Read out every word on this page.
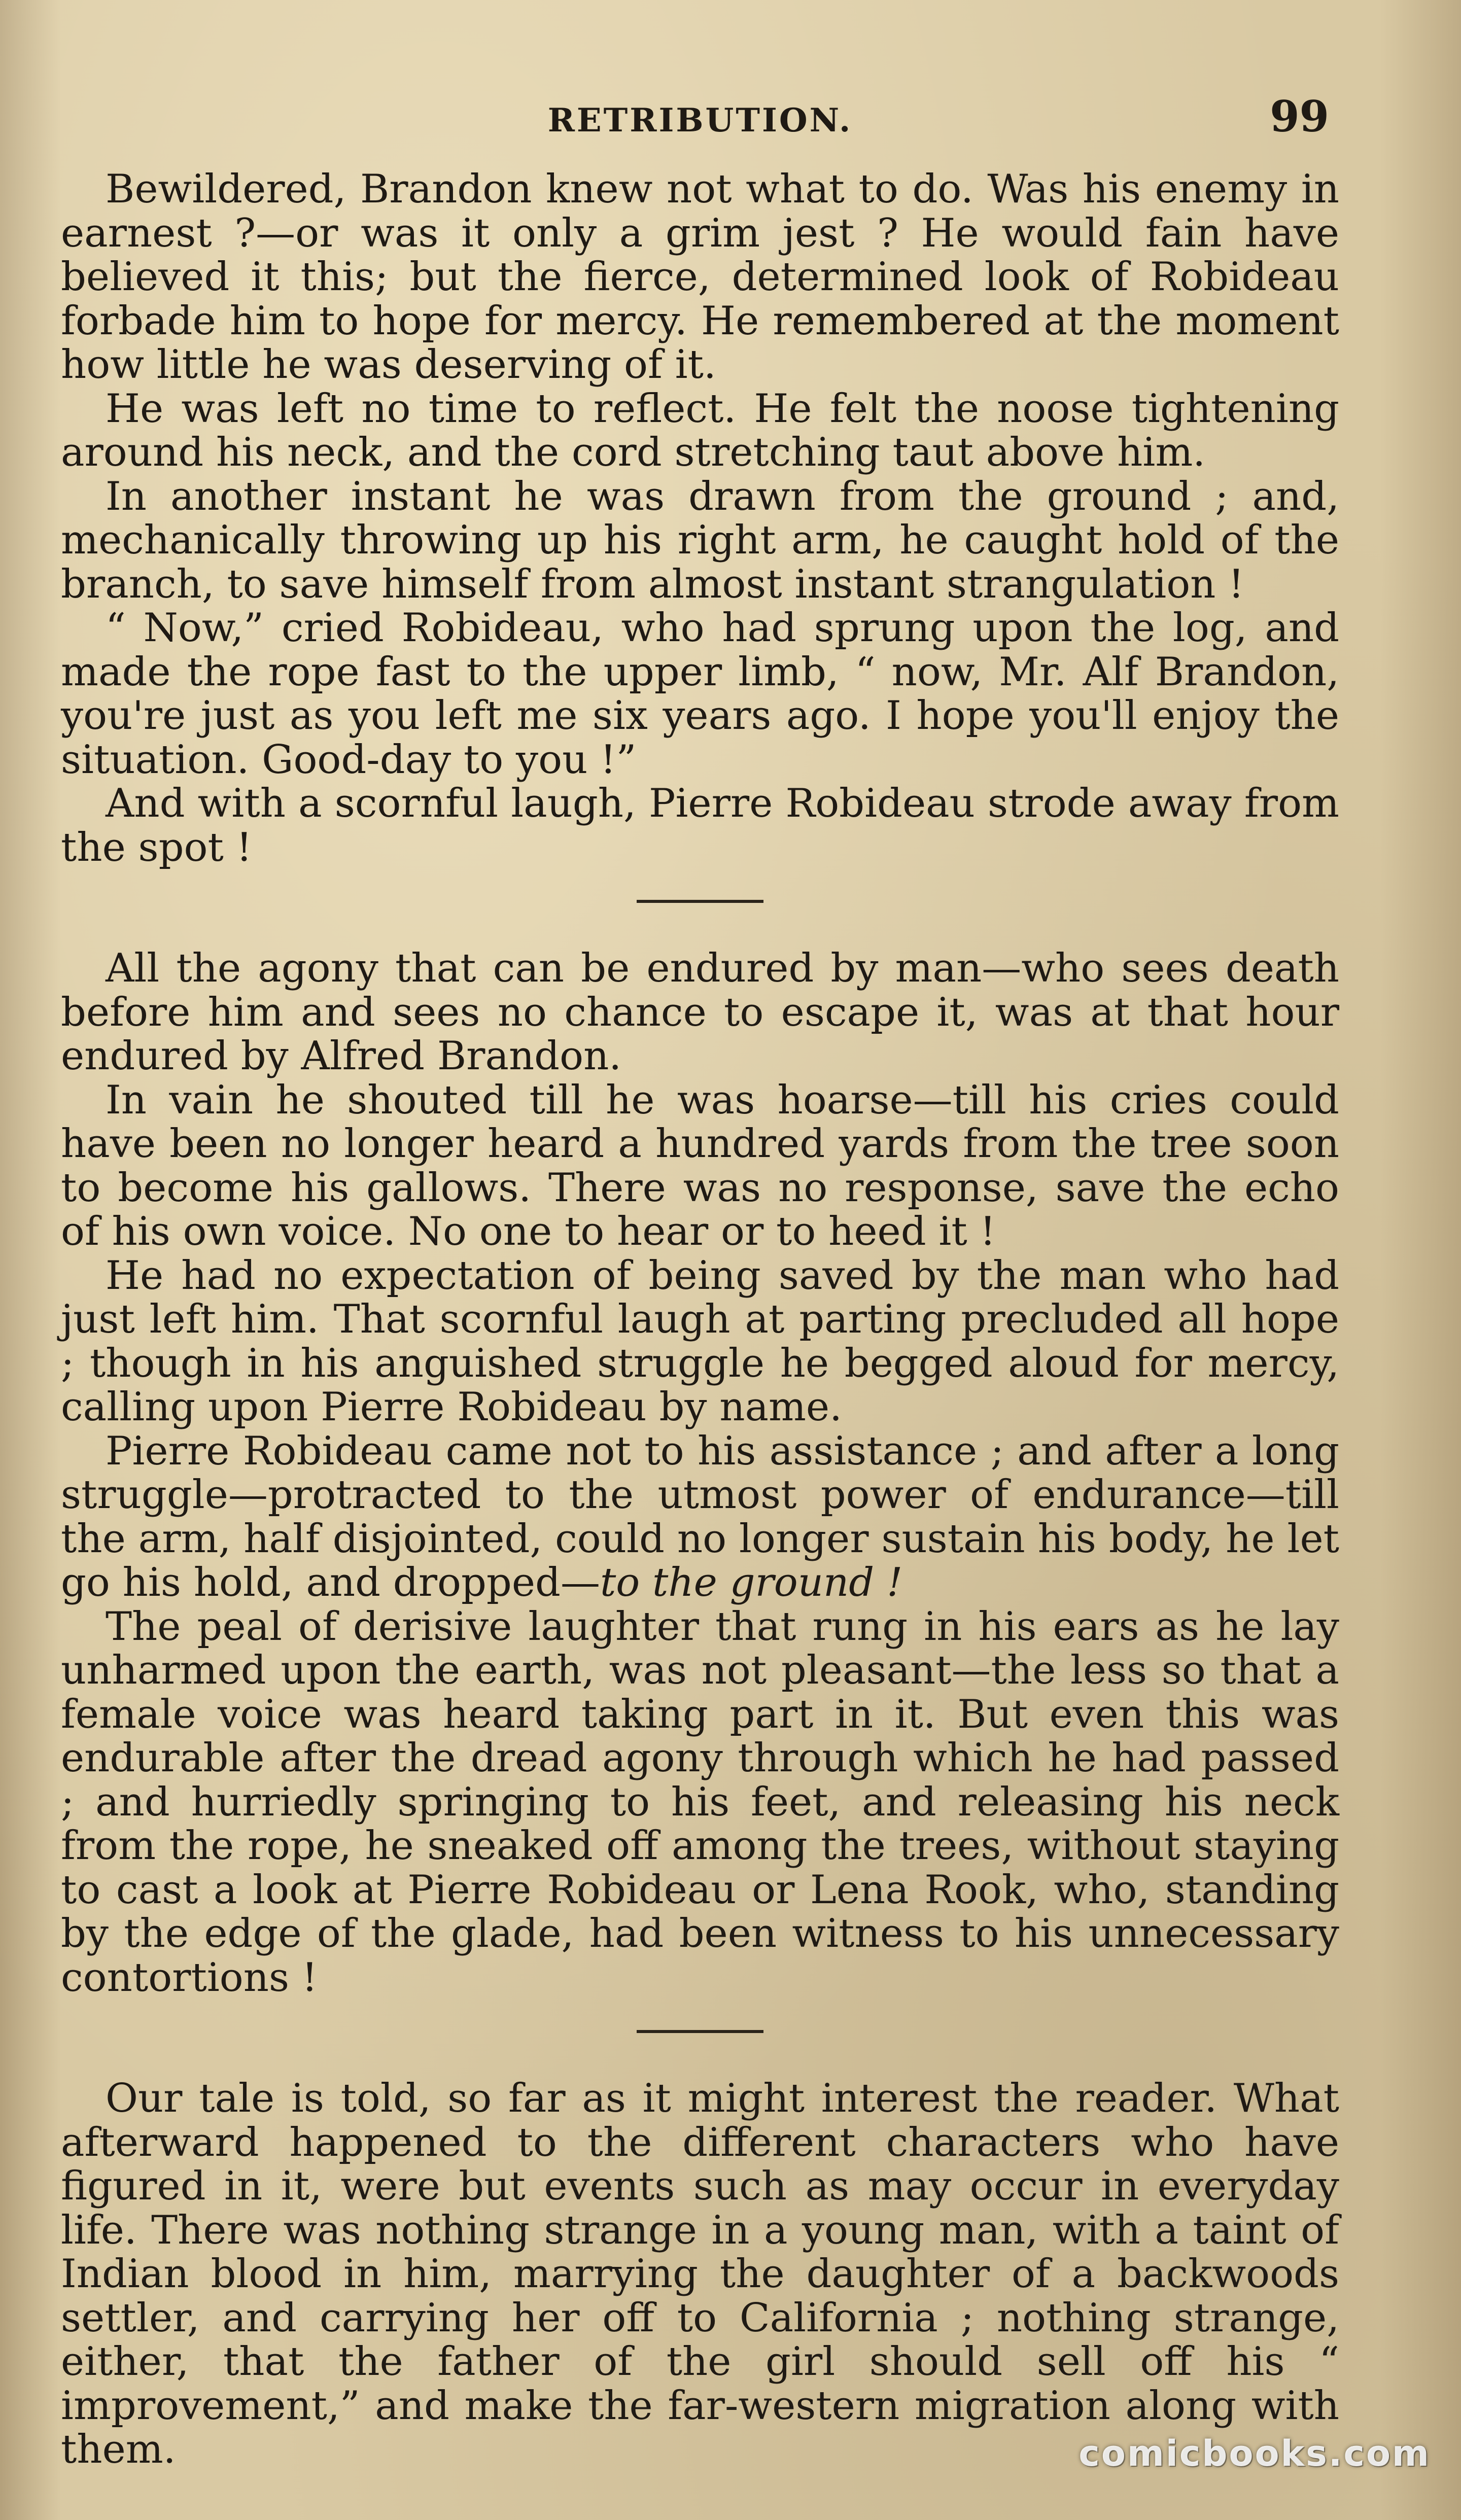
RETRIBUTION.	99

Bewildered, Brandon knew not what to do. Was his enemy in earnest ?—or was it only a grim jest ? He would fain have believed it this; but the fierce, determined look of Robideau forbade him to hope for mercy. He remembered at the moment how little he was deserving of it.

He was left no time to reflect. He felt the noose tightening around his neck, and the cord stretching taut above him.

In another instant he was drawn from the ground ; and, mechanically throwing up his right arm, he caught hold of the branch, to save himself from almost instant strangulation !

“ Now,” cried Robideau, who had sprung upon the log, and made the rope fast to the upper limb, “ now, Mr. Alf Brandon, you're just as you left me six years ago. I hope you'll enjoy the situation. Good-day to you !”

And with a scornful laugh, Pierre Robideau strode away from the spot !

All the agony that can be endured by man—who sees death before him and sees no chance to escape it, was at that hour endured by Alfred Brandon.

In vain he shouted till he was hoarse—till his cries could have been no longer heard a hundred yards from the tree soon to become his gallows. There was no response, save the echo of his own voice. No one to hear or to heed it !

He had no expectation of being saved by the man who had just left him. That scornful laugh at parting precluded all hope ; though in his anguished struggle he begged aloud for mercy, calling upon Pierre Robideau by name.

Pierre Robideau came not to his assistance ; and after a long struggle—protracted to the utmost power of endurance—till the arm, half disjointed, could no longer sustain his body, he let go his hold, and dropped—to the ground !

The peal of derisive laughter that rung in his ears as he lay unharmed upon the earth, was not pleasant—the less so that a female voice was heard taking part in it. But even this was endurable after the dread agony through which he had passed ; and hurriedly springing to his feet, and releasing his neck from the rope, he sneaked off among the trees, without staying to cast a look at Pierre Robideau or Lena Rook, who, standing by the edge of the glade, had been witness to his unnecessary contortions !

Our tale is told, so far as it might interest the reader. What afterward happened to the different characters who have figured in it, were but events such as may occur in everyday life. There was nothing strange in a young man, with a taint of Indian blood in him, marrying the daughter of a backwoods settler, and carrying her off to California ; nothing strange, either, that the father of the girl should sell off his “ improvement,” and make the far-western migration along with them.	comicbooks.com
